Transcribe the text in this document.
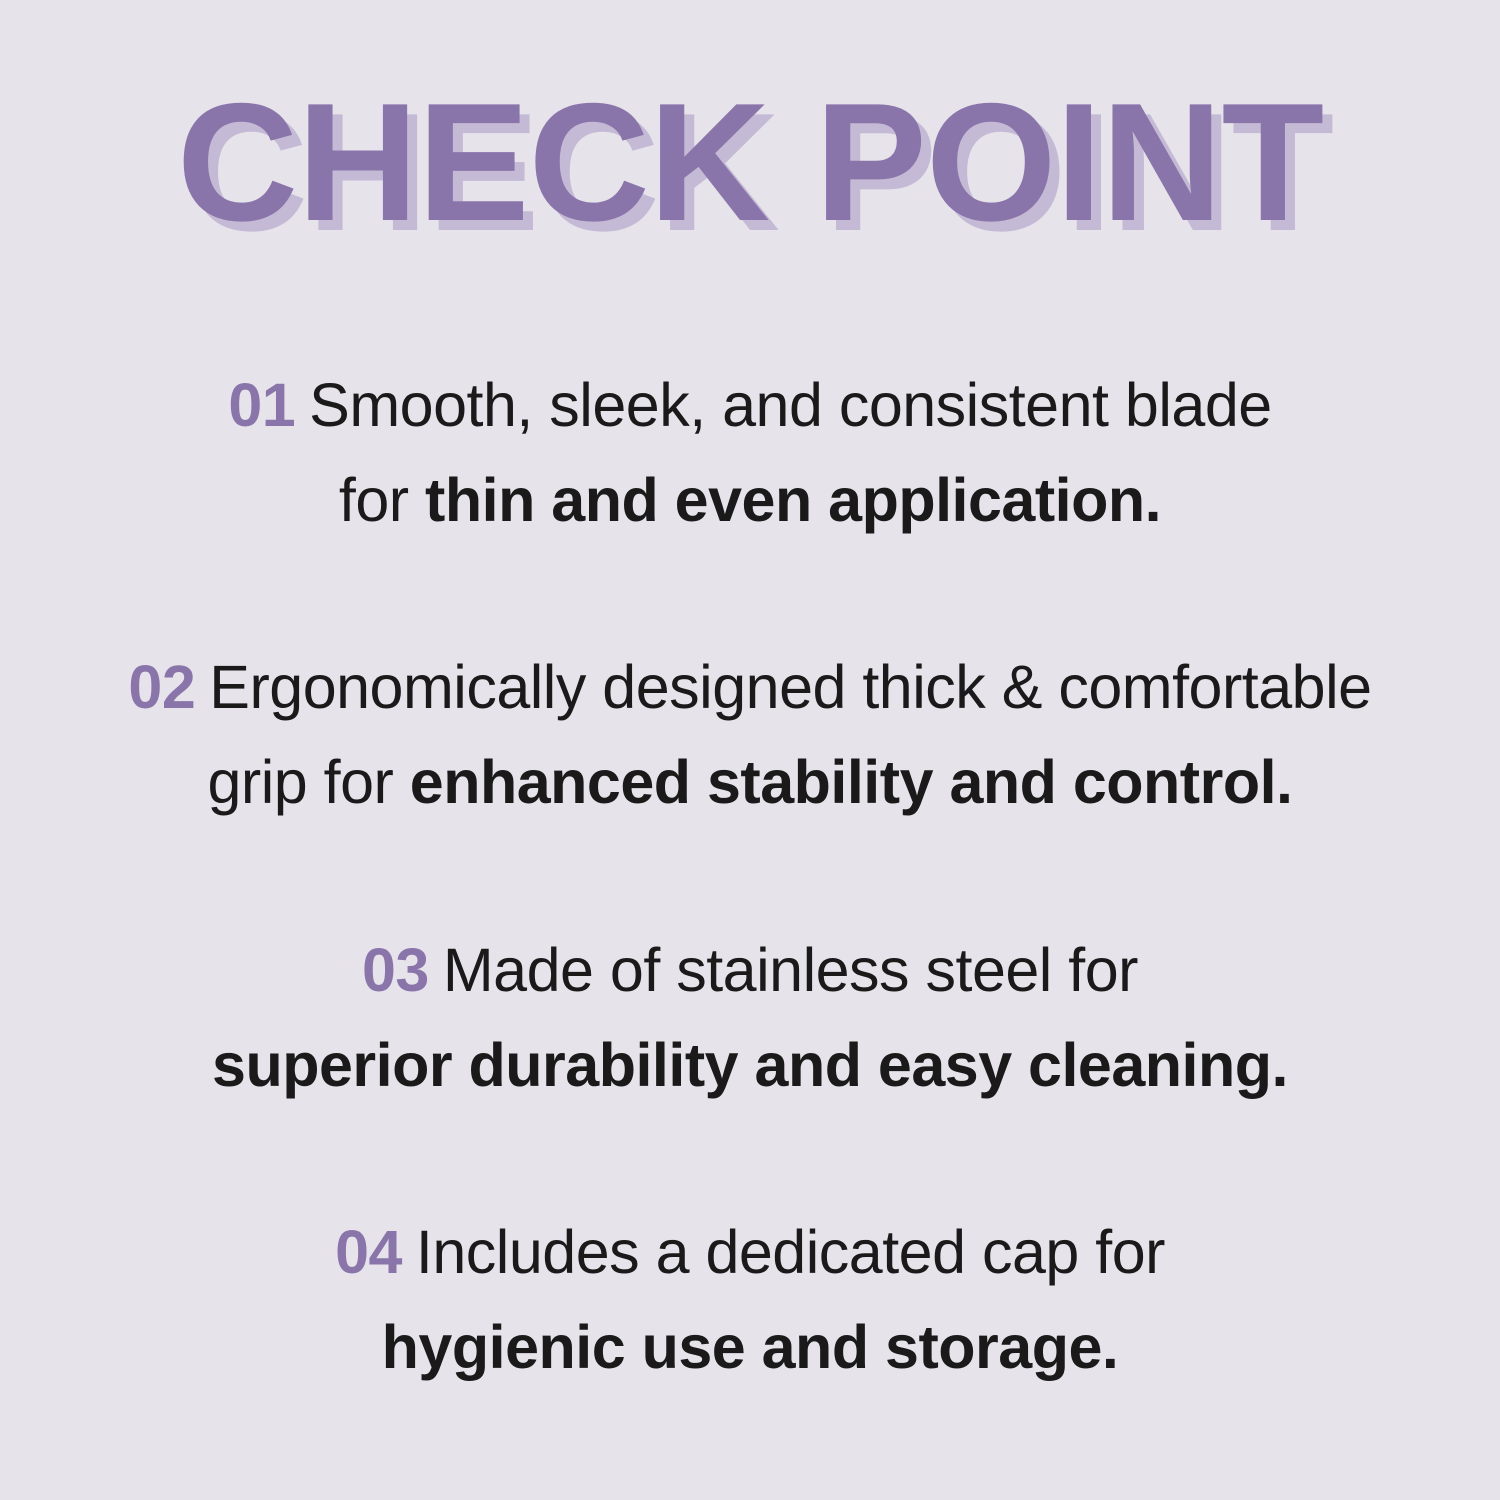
CHECK POINT
01 Smooth, sleek, and consistent blade
for thin and even application.
02 Ergonomically designed thick & comfortable
grip for enhanced stability and control.
03 Made of stainless steel for
superior durability and easy cleaning.
04 Includes a dedicated cap for
hygienic use and storage.
